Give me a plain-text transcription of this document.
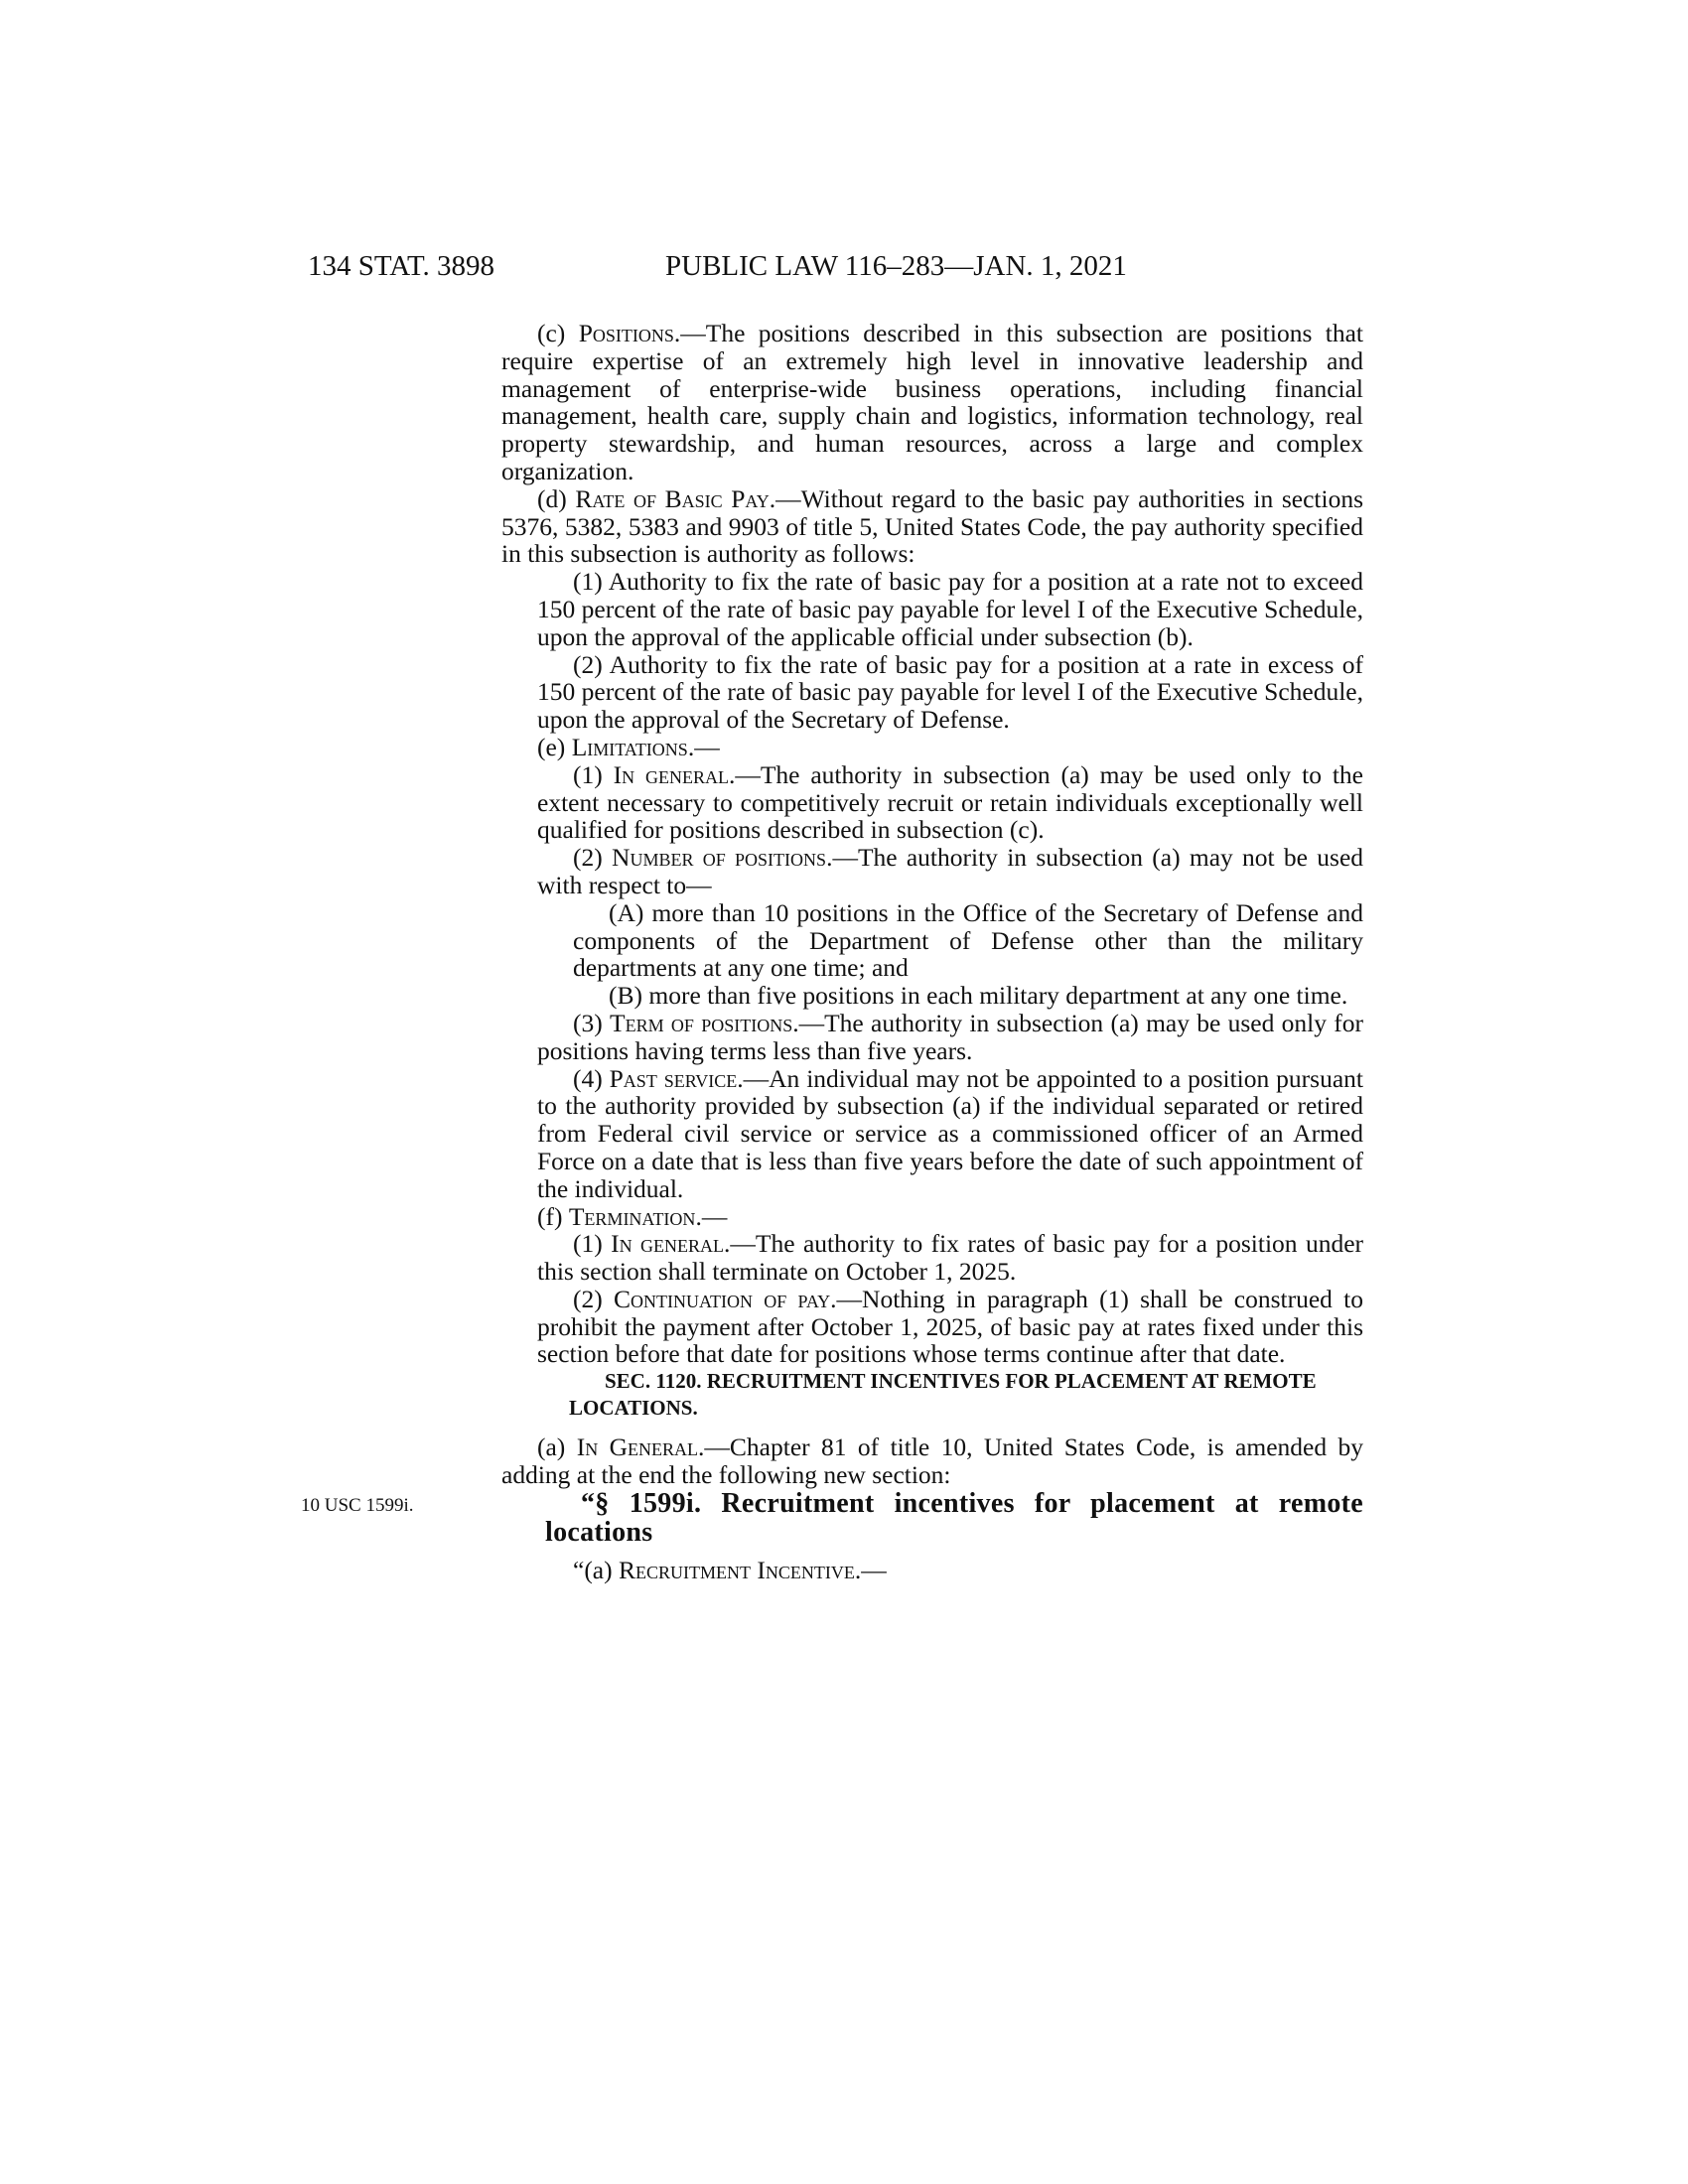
134 STAT. 3898	PUBLIC LAW 116–283—JAN. 1, 2021

(c) Positions.—The positions described in this subsection are positions that require expertise of an extremely high level in innovative leadership and management of enterprise-wide business operations, including financial management, health care, supply chain and logistics, information technology, real property stewardship, and human resources, across a large and complex organization.

(d) Rate of Basic Pay.—Without regard to the basic pay authorities in sections 5376, 5382, 5383 and 9903 of title 5, United States Code, the pay authority specified in this subsection is authority as follows:

(1) Authority to fix the rate of basic pay for a position at a rate not to exceed 150 percent of the rate of basic pay payable for level I of the Executive Schedule, upon the approval of the applicable official under subsection (b).

(2) Authority to fix the rate of basic pay for a position at a rate in excess of 150 percent of the rate of basic pay payable for level I of the Executive Schedule, upon the approval of the Secretary of Defense.

(e) Limitations.—

(1) In general.—The authority in subsection (a) may be used only to the extent necessary to competitively recruit or retain individuals exceptionally well qualified for positions described in subsection (c).

(2) Number of positions.—The authority in subsection (a) may not be used with respect to—

(A) more than 10 positions in the Office of the Secretary of Defense and components of the Department of Defense other than the military departments at any one time; and

(B) more than five positions in each military department at any one time.

(3) Term of positions.—The authority in subsection (a) may be used only for positions having terms less than five years.

(4) Past service.—An individual may not be appointed to a position pursuant to the authority provided by subsection (a) if the individual separated or retired from Federal civil service or service as a commissioned officer of an Armed Force on a date that is less than five years before the date of such appointment of the individual.

(f) Termination.—

(1) In general.—The authority to fix rates of basic pay for a position under this section shall terminate on October 1, 2025.

(2) Continuation of pay.—Nothing in paragraph (1) shall be construed to prohibit the payment after October 1, 2025, of basic pay at rates fixed under this section before that date for positions whose terms continue after that date.

SEC. 1120. RECRUITMENT INCENTIVES FOR PLACEMENT AT REMOTE LOCATIONS.

(a) In General.—Chapter 81 of title 10, United States Code, is amended by adding at the end the following new section:

“§ 1599i. Recruitment incentives for placement at remote locations

“(a) Recruitment Incentive.—

10 USC 1599i.
